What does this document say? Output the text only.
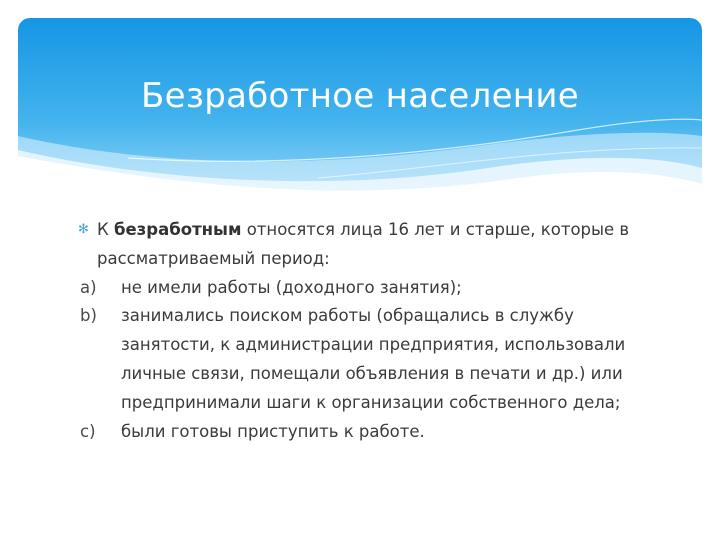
Безработное население
✻ К безработным относятся лица 16 лет и старше, которые в рассматриваемый период:
a) не имели работы (доходного занятия);
b) занимались поиском работы (обращались в службу занятости, к администрации предприятия, использовали личные связи, помещали объявления в печати и др.) или предпринимали шаги к организации собственного дела;
c) были готовы приступить к работе.
